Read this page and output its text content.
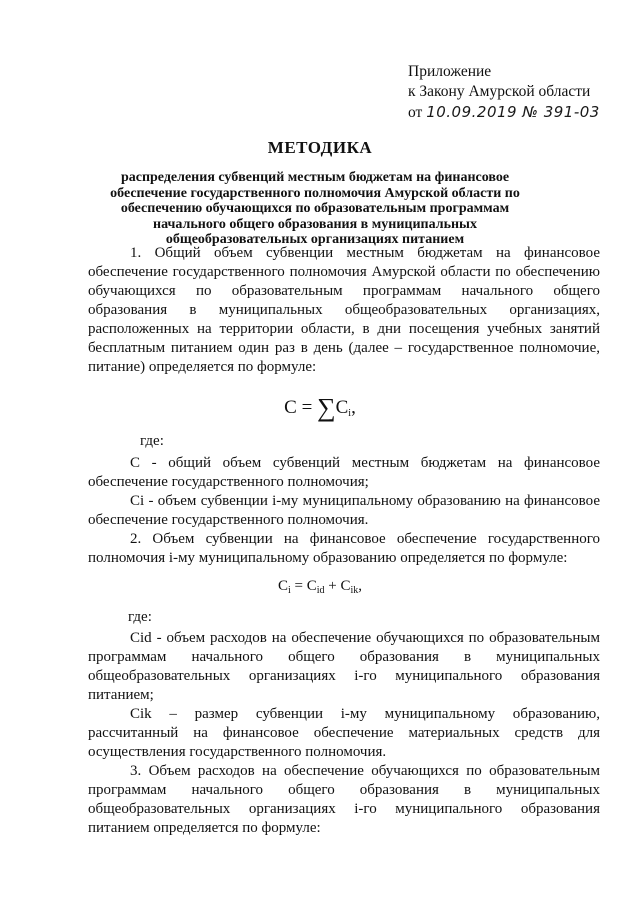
Приложение
к Закону Амурской области
от 10.09.2019 № 391-03
МЕТОДИКА
распределения субвенций местным бюджетам на финансовое обеспечение государственного полномочия Амурской области по обеспечению обучающихся по образовательным программам начального общего образования в муниципальных общеобразовательных организациях питанием

1. Общий объем субвенции местным бюджетам на финансовое обеспечение государственного полномочия Амурской области по обеспечению обучающихся по образовательным программам начального общего образования в муниципальных общеобразовательных организациях, расположенных на территории области, в дни посещения учебных занятий бесплатным питанием один раз в день (далее – государственное полномочие, питание) определяется по формуле:

$C = \sum C_i$,
где:

С - общий объем субвенций местным бюджетам на финансовое обеспечение государственного полномочия;

Ci - объем субвенции i-му муниципальному образованию на финансовое обеспечение государственного полномочия.

2. Объем субвенции на финансовое обеспечение государственного полномочия i-му муниципальному образованию определяется по формуле:

$C_i = C_{id} + C_{ik}$,
где:

Cid - объем расходов на обеспечение обучающихся по образовательным программам начального общего образования в муниципальных общеобразовательных организациях i-го муниципального образования питанием;

Cik – размер субвенции i-му муниципальному образованию, рассчитанный на финансовое обеспечение материальных средств для осуществления государственного полномочия.

3. Объем расходов на обеспечение обучающихся по образовательным программам начального общего образования в муниципальных общеобразовательных организациях i-го муниципального образования питанием определяется по формуле:
